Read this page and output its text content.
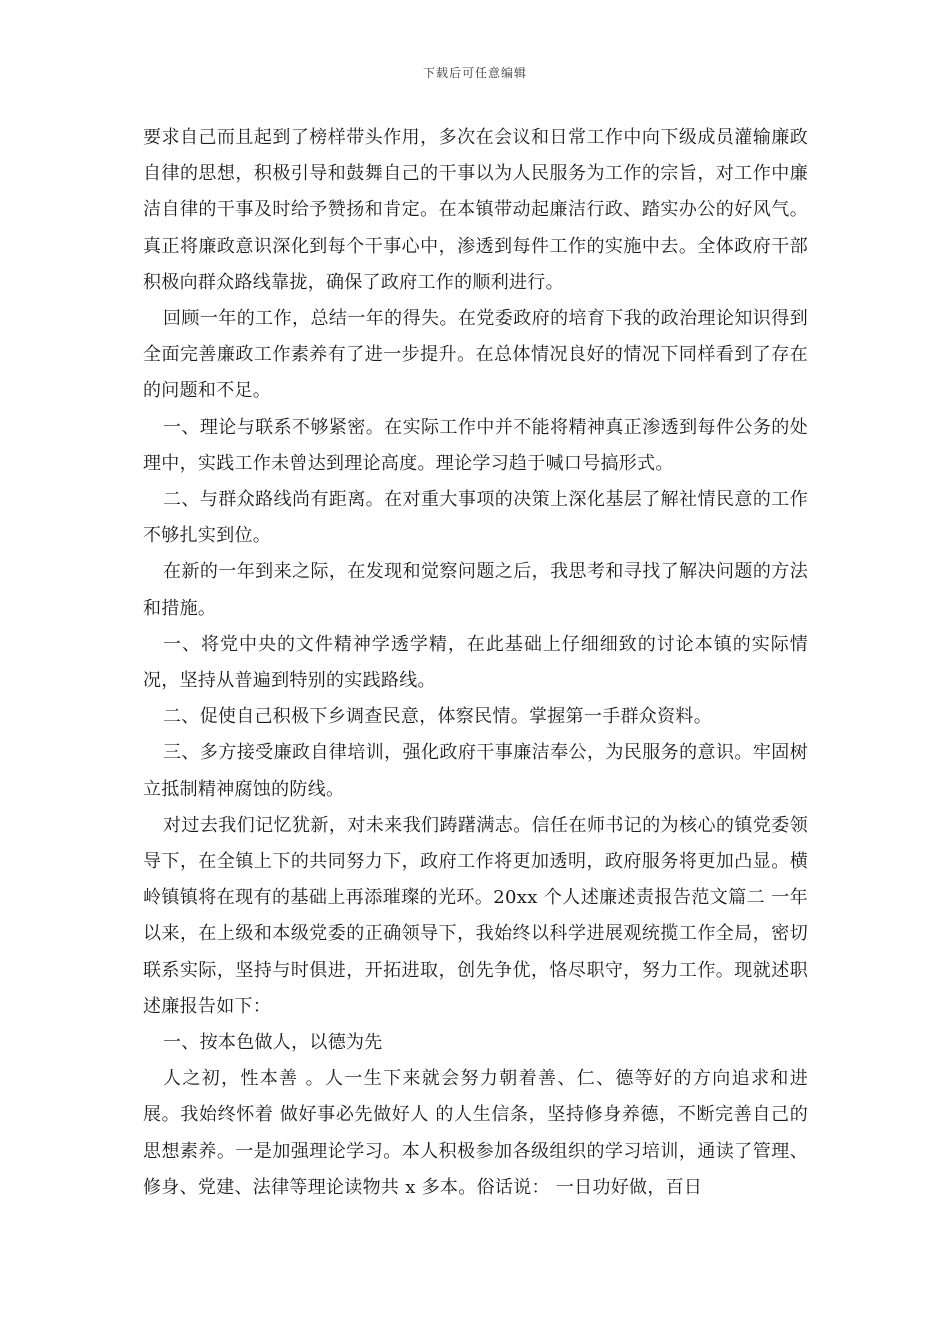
下载后可任意编辑

要求自己而且起到了榜样带头作用，多次在会议和日常工作中向下级成员灌输廉政自律的思想，积极引导和鼓舞自己的干事以为人民服务为工作的宗旨，对工作中廉洁自律的干事及时给予赞扬和肯定。在本镇带动起廉洁行政、踏实办公的好风气。真正将廉政意识深化到每个干事心中，渗透到每件工作的实施中去。全体政府干部积极向群众路线靠拢，确保了政府工作的顺利进行。

回顾一年的工作，总结一年的得失。在党委政府的培育下我的政治理论知识得到全面完善廉政工作素养有了进一步提升。在总体情况良好的情况下同样看到了存在的问题和不足。

一、理论与联系不够紧密。在实际工作中并不能将精神真正渗透到每件公务的处理中，实践工作未曾达到理论高度。理论学习趋于喊口号搞形式。

二、与群众路线尚有距离。在对重大事项的决策上深化基层了解社情民意的工作不够扎实到位。

在新的一年到来之际，在发现和觉察问题之后，我思考和寻找了解决问题的方法和措施。

一、将党中央的文件精神学透学精，在此基础上仔细细致的讨论本镇的实际情况，坚持从普遍到特别的实践路线。

二、促使自己积极下乡调查民意，体察民情。掌握第一手群众资料。

三、多方接受廉政自律培训，强化政府干事廉洁奉公，为民服务的意识。牢固树立抵制精神腐蚀的防线。

对过去我们记忆犹新，对未来我们踌躇满志。信任在师书记的为核心的镇党委领导下，在全镇上下的共同努力下，政府工作将更加透明，政府服务将更加凸显。横岭镇镇将在现有的基础上再添璀璨的光环。20xx 个人述廉述责报告范文篇二 一年以来，在上级和本级党委的正确领导下，我始终以科学进展观统揽工作全局，密切联系实际，坚持与时俱进，开拓进取，创先争优，恪尽职守，努力工作。现就述职述廉报告如下：

一、按本色做人，以德为先

人之初，性本善 。人一生下来就会努力朝着善、仁、德等好的方向追求和进展。我始终怀着 做好事必先做好人 的人生信条，坚持修身养德，不断完善自己的思想素养。一是加强理论学习。本人积极参加各级组织的学习培训，通读了管理、修身、党建、法律等理论读物共 x 多本。俗话说： 一日功好做，百日
